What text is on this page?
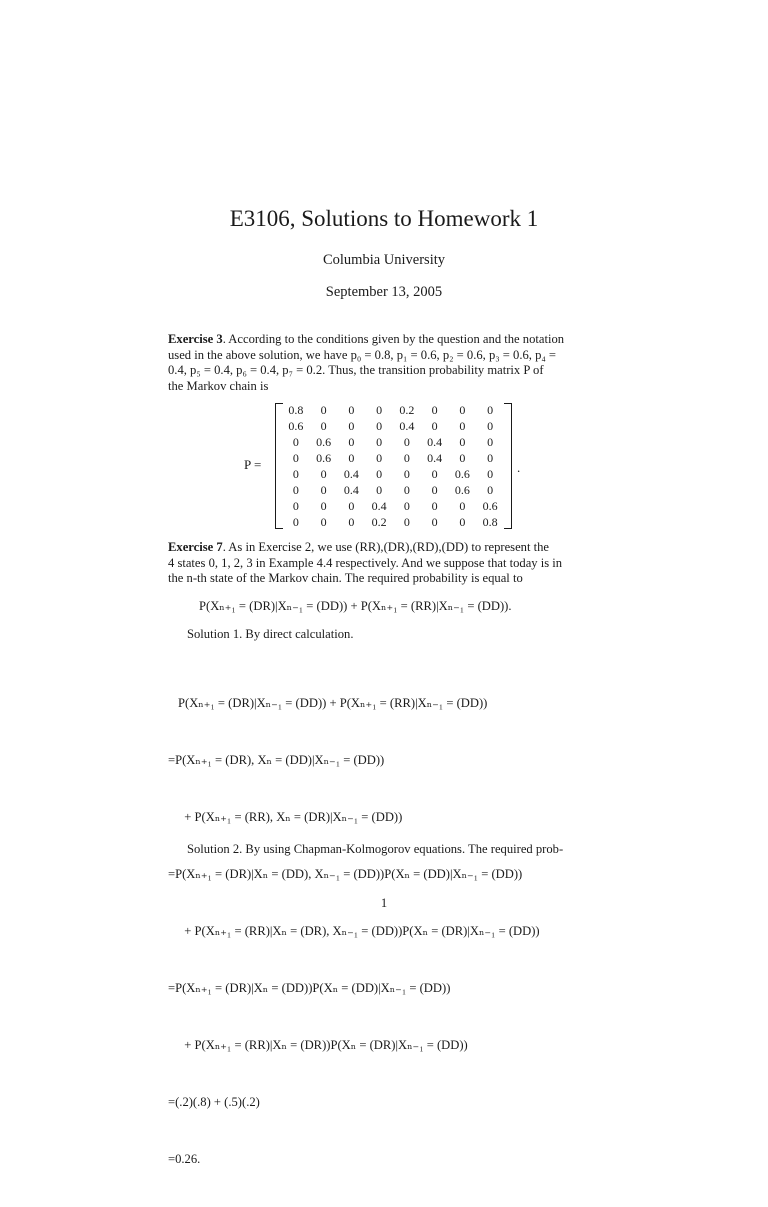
E3106, Solutions to Homework 1
Columbia University
September 13, 2005
Exercise 3. According to the conditions given by the question and the notation
used in the above solution, we have p₀ = 0.8, p₁ = 0.6, p₂ = 0.6, p₃ = 0.6, p₄ =
0.4, p₅ = 0.4, p₆ = 0.4, p₇ = 0.2. Thus, the transition probability matrix P of
the Markov chain is
P =
0.8	0	0	0	0.2	0	0	0
0.6	0	0	0	0.4	0	0	0
0	0.6	0	0	0	0.4	0	0
0	0.6	0	0	0	0.4	0	0
0	0	0.4	0	0	0	0.6	0
0	0	0.4	0	0	0	0.6	0
0	0	0	0.4	0	0	0	0.6
0	0	0	0.2	0	0	0	0.8
.
Exercise 7. As in Exercise 2, we use (RR),(DR),(RD),(DD) to represent the
4 states 0, 1, 2, 3 in Example 4.4 respectively. And we suppose that today is in
the n-th state of the Markov chain. The required probability is equal to
P(Xₙ₊₁ = (DR)|Xₙ₋₁ = (DD)) + P(Xₙ₊₁ = (RR)|Xₙ₋₁ = (DD)).
Solution 1. By direct calculation.

P(Xₙ₊₁ = (DR)|Xₙ₋₁ = (DD)) + P(Xₙ₊₁ = (RR)|Xₙ₋₁ = (DD))

=P(Xₙ₊₁ = (DR), Xₙ = (DD)|Xₙ₋₁ = (DD))

+ P(Xₙ₊₁ = (RR), Xₙ = (DR)|Xₙ₋₁ = (DD))

=P(Xₙ₊₁ = (DR)|Xₙ = (DD), Xₙ₋₁ = (DD))P(Xₙ = (DD)|Xₙ₋₁ = (DD))

+ P(Xₙ₊₁ = (RR)|Xₙ = (DR), Xₙ₋₁ = (DD))P(Xₙ = (DR)|Xₙ₋₁ = (DD))

=P(Xₙ₊₁ = (DR)|Xₙ = (DD))P(Xₙ = (DD)|Xₙ₋₁ = (DD))

+ P(Xₙ₊₁ = (RR)|Xₙ = (DR))P(Xₙ = (DR)|Xₙ₋₁ = (DD))

=(.2)(.8) + (.5)(.2)

=0.26.

Solution 2. By using Chapman-Kolmogorov equations. The required prob-
1
